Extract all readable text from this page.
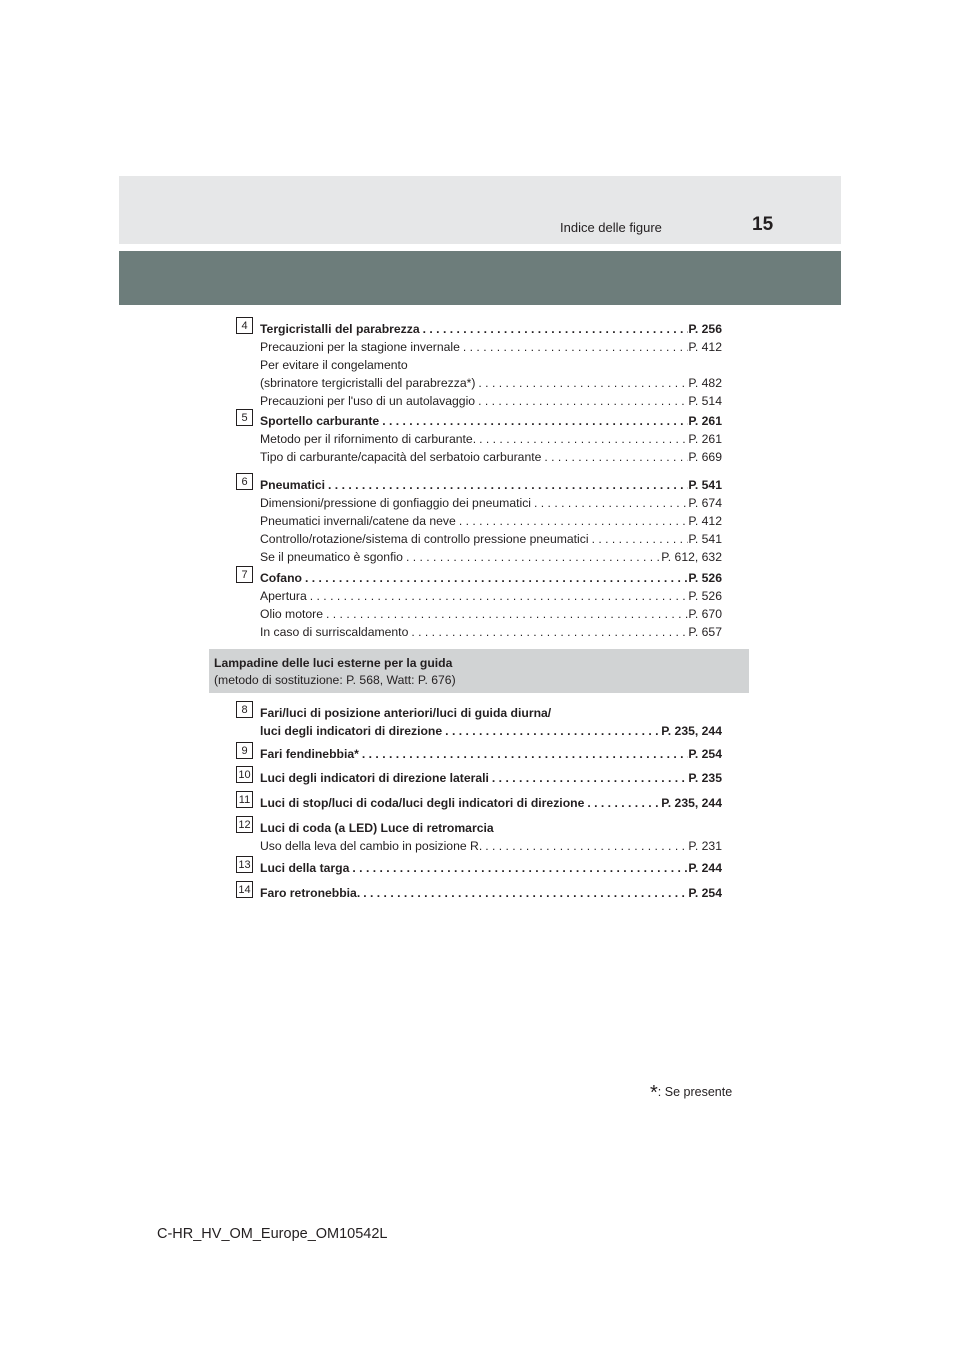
Indice delle figure	15
4	Tergicristalli del parabrezza . . .	P. 256
Precauzioni per la stagione invernale . . .	P. 412
Per evitare il congelamento
(sbrinatore tergicristalli del parabrezza*) . . .	P. 482
Precauzioni per l'uso di un autolavaggio . . .	P. 514
5	Sportello carburante . . .	P. 261
Metodo per il rifornimento di carburante. . . .	P. 261
Tipo di carburante/capacità del serbatoio carburante . . .	P. 669
6	Pneumatici . . .	P. 541
Dimensioni/pressione di gonfiaggio dei pneumatici . . .	P. 674
Pneumatici invernali/catene da neve . . .	P. 412
Controllo/rotazione/sistema di controllo pressione pneumatici . . .	P. 541
Se il pneumatico è sgonfio . . .	P. 612, 632
7	Cofano . . .	P. 526
Apertura . . .	P. 526
Olio motore . . .	P. 670
In caso di surriscaldamento . . .	P. 657
Lampadine delle luci esterne per la guida
(metodo di sostituzione: P. 568, Watt: P. 676)
8	Fari/luci di posizione anteriori/luci di guida diurna/
luci degli indicatori di direzione . . .	P. 235, 244
9	Fari fendinebbia* . . .	P. 254
10 Luci degli indicatori di direzione laterali . . .	P. 235
11 Luci di stop/luci di coda/luci degli indicatori di direzione . . .	P. 235, 244
12 Luci di coda (a LED) Luce di retromarcia
Uso della leva del cambio in posizione R. . . .	P. 231
13 Luci della targa . . .	P. 244
14 Faro retronebbia. . . .	P. 254
*: Se presente
C-HR_HV_OM_Europe_OM10542L
